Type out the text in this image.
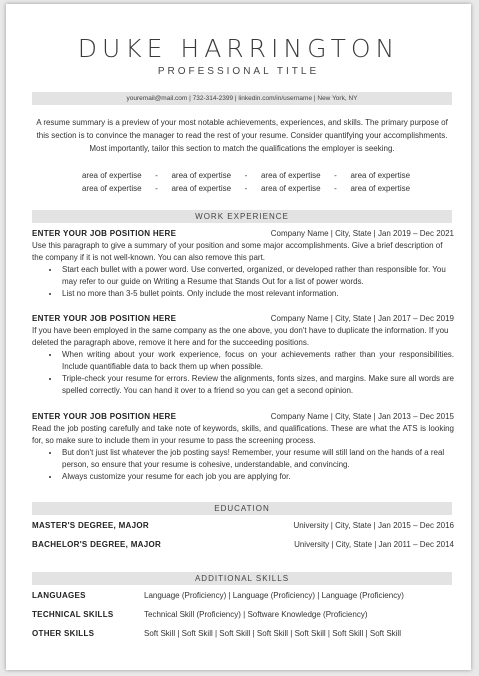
DUKE HARRINGTON
PROFESSIONAL TITLE
youremail@mail.com | 732-314-2399 | linkedin.com/in/username | New York, NY
A resume summary is a preview of your most notable achievements, experiences, and skills. The primary purpose of this section is to convince the manager to read the rest of your resume. Consider quantifying your accomplishments. Most importantly, tailor this section to match the qualifications the employer is seeking.
area of expertise	-	area of expertise	-	area of expertise	-	area of expertise
area of expertise	-	area of expertise	-	area of expertise	-	area of expertise
WORK EXPERIENCE
ENTER YOUR JOB POSITION HERE	Company Name | City, State | Jan 2019 – Dec 2021

Use this paragraph to give a summary of your position and some major accomplishments. Give a brief description of the company if it is not well-known. You can also remove this part.

• Start each bullet with a power word. Use converted, organized, or developed rather than responsible for. You may refer to our guide on Writing a Resume that Stands Out for a list of power words.
• List no more than 3-5 bullet points. Only include the most relevant information.
ENTER YOUR JOB POSITION HERE	Company Name | City, State | Jan 2017 – Dec 2019

If you have been employed in the same company as the one above, you don't have to duplicate the information. If you deleted the paragraph above, remove it here and for the succeeding positions.

• When writing about your work experience, focus on your achievements rather than your responsibilities. Include quantifiable data to back them up when possible.
• Triple-check your resume for errors. Review the alignments, fonts sizes, and margins. Make sure all words are spelled correctly. You can hand it over to a friend so you can get a second opinion.
ENTER YOUR JOB POSITION HERE	Company Name | City, State | Jan 2013 – Dec 2015

Read the job posting carefully and take note of keywords, skills, and qualifications. These are what the ATS is looking for, so make sure to include them in your resume to pass the screening process.

• But don't just list whatever the job posting says! Remember, your resume will still land on the hands of a real person, so ensure that your resume is cohesive, understandable, and convincing.
• Always customize your resume for each job you are applying for.
EDUCATION
MASTER'S DEGREE, MAJOR	University | City, State | Jan 2015 – Dec 2016
BACHELOR'S DEGREE, MAJOR	University | City, State | Jan 2011 – Dec 2014
ADDITIONAL SKILLS
LANGUAGES	Language (Proficiency) | Language (Proficiency) | Language (Proficiency)
TECHNICAL SKILLS	Technical Skill (Proficiency) | Software Knowledge (Proficiency)
OTHER SKILLS	Soft Skill | Soft Skill | Soft Skill | Soft Skill | Soft Skill | Soft Skill | Soft Skill
